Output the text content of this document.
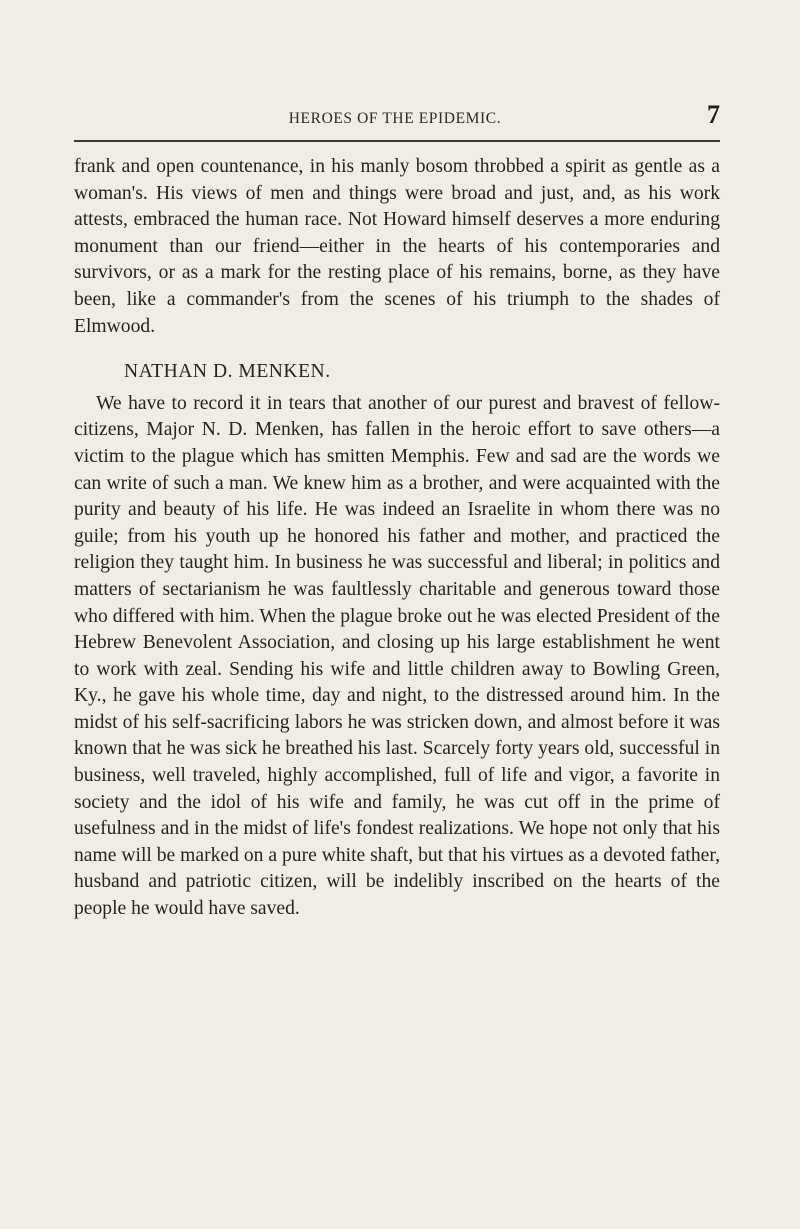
HEROES OF THE EPIDEMIC.	7

frank and open countenance, in his manly bosom throbbed a spirit as gentle as a woman's. His views of men and things were broad and just, and, as his work attests, embraced the human race. Not Howard himself deserves a more enduring monument than our friend—either in the hearts of his contemporaries and survivors, or as a mark for the resting place of his remains, borne, as they have been, like a commander's from the scenes of his triumph to the shades of Elmwood.

NATHAN D. MENKEN.

We have to record it in tears that another of our purest and bravest of fellow-citizens, Major N. D. Menken, has fallen in the heroic effort to save others—a victim to the plague which has smitten Memphis. Few and sad are the words we can write of such a man. We knew him as a brother, and were acquainted with the purity and beauty of his life. He was indeed an Israelite in whom there was no guile; from his youth up he honored his father and mother, and practiced the religion they taught him. In business he was successful and liberal; in politics and matters of sectarianism he was faultlessly charitable and generous toward those who differed with him. When the plague broke out he was elected President of the Hebrew Benevolent Association, and closing up his large establishment he went to work with zeal. Sending his wife and little children away to Bowling Green, Ky., he gave his whole time, day and night, to the distressed around him. In the midst of his self-sacrificing labors he was stricken down, and almost before it was known that he was sick he breathed his last. Scarcely forty years old, successful in business, well traveled, highly accomplished, full of life and vigor, a favorite in society and the idol of his wife and family, he was cut off in the prime of usefulness and in the midst of life's fondest realizations. We hope not only that his name will be marked on a pure white shaft, but that his virtues as a devoted father, husband and patriotic citizen, will be indelibly inscribed on the hearts of the people he would have saved.
